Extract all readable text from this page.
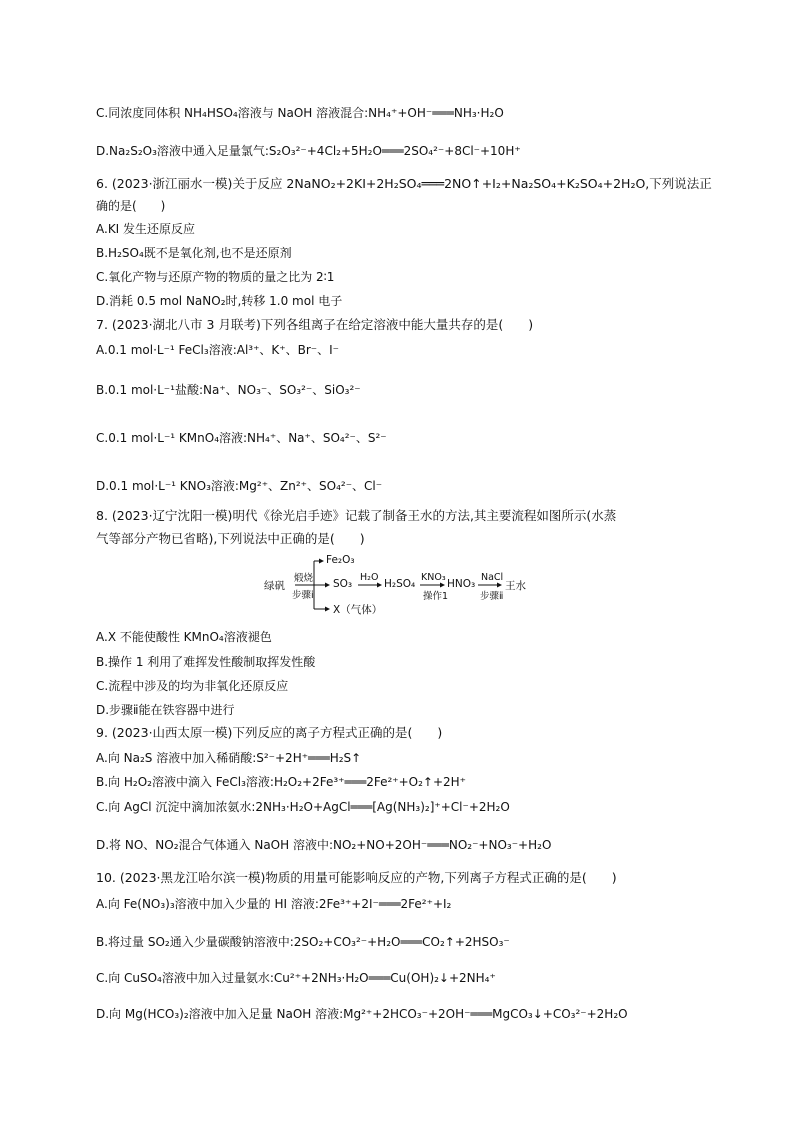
C.同浓度同体积 NH₄HSO₄溶液与 NaOH 溶液混合:NH₄⁺+OH⁻═══NH₃·H₂O
D.Na₂S₂O₃溶液中通入足量氯气:S₂O₃²⁻+4Cl₂+5H₂O═══2SO₄²⁻+8Cl⁻+10H⁺
6. (2023·浙江丽水一模)关于反应 2NaNO₂+2KI+2H₂SO₄═══2NO↑+I₂+Na₂SO₄+K₂SO₄+2H₂O,下列说法正
确的是(　　)
A.KI 发生还原反应
B.H₂SO₄既不是氧化剂,也不是还原剂
C.氧化产物与还原产物的物质的量之比为 2∶1
D.消耗 0.5 mol NaNO₂时,转移 1.0 mol 电子
7. (2023·湖北八市 3 月联考)下列各组离子在给定溶液中能大量共存的是(　　)
A.0.1 mol·L⁻¹ FeCl₃溶液:Al³⁺、K⁺、Br⁻、I⁻
B.0.1 mol·L⁻¹盐酸:Na⁺、NO₃⁻、SO₃²⁻、SiO₃²⁻
C.0.1 mol·L⁻¹ KMnO₄溶液:NH₄⁺、Na⁺、SO₄²⁻、S²⁻
D.0.1 mol·L⁻¹ KNO₃溶液:Mg²⁺、Zn²⁺、SO₄²⁻、Cl⁻
8. (2023·辽宁沈阳一模)明代《徐光启手迹》记载了制备王水的方法,其主要流程如图所示(水蒸
气等部分产物已省略),下列说法中正确的是(　　)
绿矾
煅烧
步骤ⅰ
Fe₂O₃
SO₃
H₂O
H₂SO₄
KNO₃
操作1
HNO₃
NaCl
步骤ⅱ
王水
X（气体）
A.X 不能使酸性 KMnO₄溶液褪色
B.操作 1 利用了难挥发性酸制取挥发性酸
C.流程中涉及的均为非氧化还原反应
D.步骤ⅱ能在铁容器中进行
9. (2023·山西太原一模)下列反应的离子方程式正确的是(　　)
A.向 Na₂S 溶液中加入稀硝酸:S²⁻+2H⁺═══H₂S↑
B.向 H₂O₂溶液中滴入 FeCl₃溶液:H₂O₂+2Fe³⁺═══2Fe²⁺+O₂↑+2H⁺
C.向 AgCl 沉淀中滴加浓氨水:2NH₃·H₂O+AgCl═══[Ag(NH₃)₂]⁺+Cl⁻+2H₂O
D.将 NO、NO₂混合气体通入 NaOH 溶液中:NO₂+NO+2OH⁻═══NO₂⁻+NO₃⁻+H₂O
10. (2023·黑龙江哈尔滨一模)物质的用量可能影响反应的产物,下列离子方程式正确的是(　　)
A.向 Fe(NO₃)₃溶液中加入少量的 HI 溶液:2Fe³⁺+2I⁻═══2Fe²⁺+I₂
B.将过量 SO₂通入少量碳酸钠溶液中:2SO₂+CO₃²⁻+H₂O═══CO₂↑+2HSO₃⁻
C.向 CuSO₄溶液中加入过量氨水:Cu²⁺+2NH₃·H₂O═══Cu(OH)₂↓+2NH₄⁺
D.向 Mg(HCO₃)₂溶液中加入足量 NaOH 溶液:Mg²⁺+2HCO₃⁻+2OH⁻═══MgCO₃↓+CO₃²⁻+2H₂O
